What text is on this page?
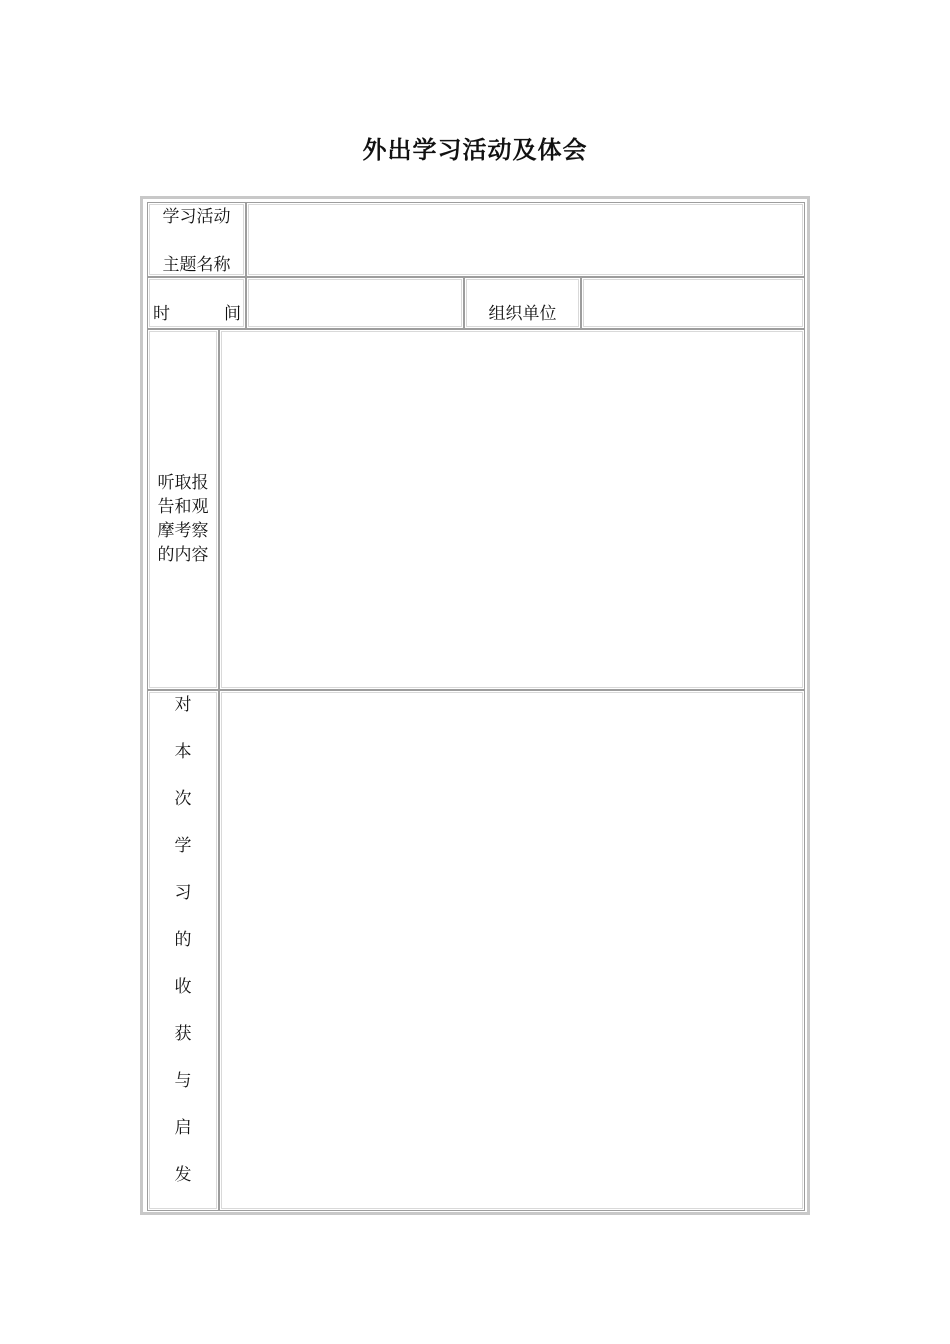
外出学习活动及体会
学习活动
主题名称
时	间	组织单位
听取报
告和观
摩考察
的内容
对
本
次
学
习
的
收
获
与
启
发
